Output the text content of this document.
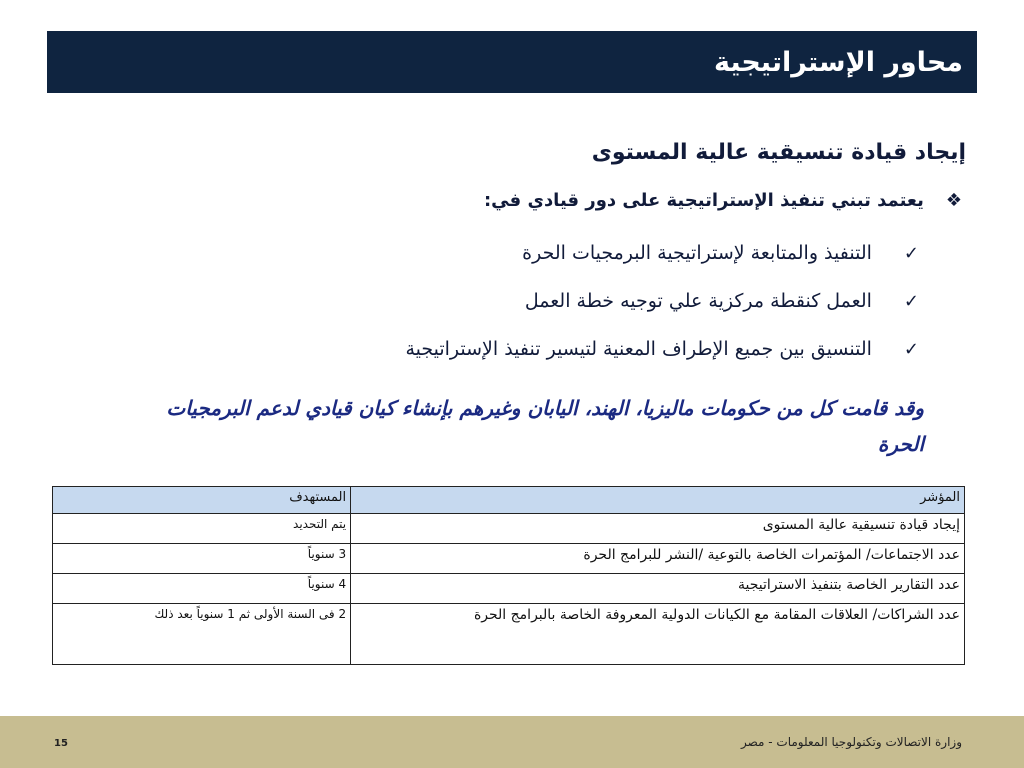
محاور الإستراتيجية
إيجاد قيادة تنسيقية عالية المستوى
❖
يعتمد تبني تنفيذ الإستراتيجية على دور قيادي في:
✓
التنفيذ والمتابعة لإستراتيجية البرمجيات الحرة
✓
العمل كنقطة مركزية علي توجيه خطة العمل
✓
التنسيق بين جميع الإطراف المعنية لتيسير تنفيذ الإستراتيجية
وقد قامت كل من حكومات ماليزيا، الهند، اليابان وغيرهم بإنشاء كيان قيادي لدعم البرمجيات الحرة
المؤشر	المستهدف
إيجاد قيادة تنسيقية عالية المستوى	يتم التحديد
عدد الاجتماعات/ المؤتمرات الخاصة بالتوعية /النشر للبرامج الحرة	3 سنوياً
عدد التقارير الخاصة بتنفيذ الاستراتيجية	4 سنوياً
عدد الشراكات/ العلاقات المقامة مع الكيانات الدولية المعروفة الخاصة بالبرامج الحرة	2 فى السنة الأولى ثم 1 سنوياً بعد ذلك
وزارة الاتصالات وتكنولوجيا المعلومات - مصر
15
